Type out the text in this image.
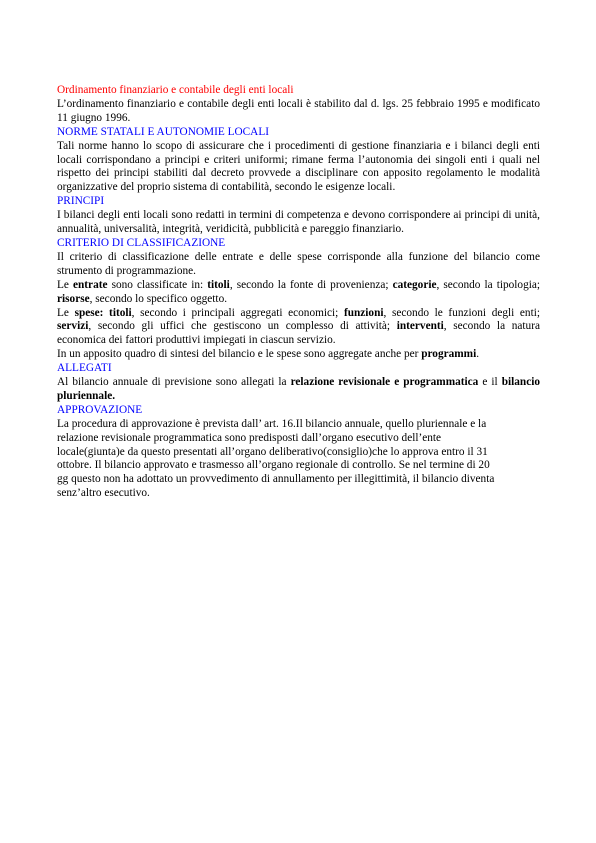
Ordinamento finanziario e contabile degli enti locali

L’ordinamento finanziario e contabile degli enti locali è stabilito dal d. lgs. 25 febbraio 1995 e modificato 11 giugno 1996.

NORME STATALI E AUTONOMIE LOCALI

Tali norme hanno lo scopo di assicurare che i procedimenti di gestione finanziaria e i bilanci degli enti locali corrispondano a principi e criteri uniformi; rimane ferma l’autonomia dei singoli enti i quali nel rispetto dei principi stabiliti dal decreto provvede a disciplinare con apposito regolamento le modalità organizzative del proprio sistema di contabilità, secondo le esigenze locali.

PRINCIPI

I bilanci degli enti locali sono redatti in termini di competenza e devono corrispondere ai principi di unità, annualità, universalità, integrità, veridicità, pubblicità e pareggio finanziario.

CRITERIO DI CLASSIFICAZIONE

Il criterio di classificazione delle entrate e delle spese corrisponde alla funzione del bilancio come strumento di programmazione.

Le entrate sono classificate in: titoli, secondo la fonte di provenienza; categorie, secondo la tipologia; risorse, secondo lo specifico oggetto.

Le spese: titoli, secondo i principali aggregati economici; funzioni, secondo le funzioni degli enti; servizi, secondo gli uffici che gestiscono un complesso di attività; interventi, secondo la natura economica dei fattori produttivi impiegati in ciascun servizio.

In un apposito quadro di sintesi del bilancio e le spese sono aggregate anche per programmi.

ALLEGATI

Al bilancio annuale di previsione sono allegati la relazione revisionale e programmatica e il bilancio pluriennale.

APPROVAZIONE

La procedura di approvazione è prevista dall’ art. 16.Il bilancio annuale, quello pluriennale e la relazione revisionale programmatica sono predisposti dall’organo esecutivo dell’ente locale(giunta)e da questo presentati all’organo deliberativo(consiglio)che lo approva entro il 31 ottobre. Il bilancio approvato e trasmesso all’organo regionale di controllo. Se nel termine di 20 gg questo non ha adottato un provvedimento di annullamento per illegittimità, il bilancio diventa senz’altro esecutivo.
